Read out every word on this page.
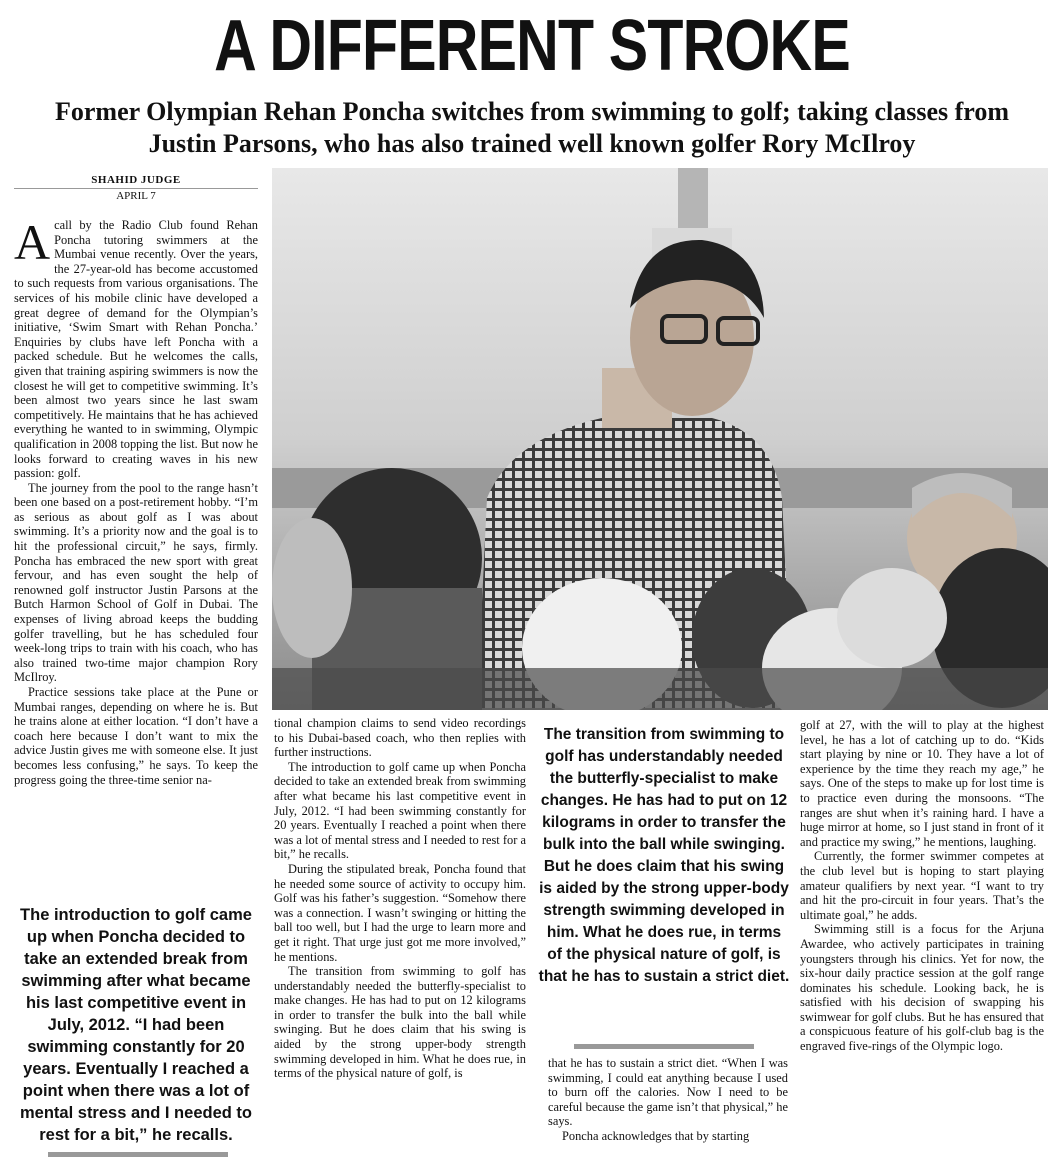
A DIFFERENT STROKE
Former Olympian Rehan Poncha switches from swimming to golf; taking classes from Justin Parsons, who has also trained well known golfer Rory McIlroy
SHAHID JUDGE
APRIL 7

Acall by the Radio Club found Rehan Poncha tutoring swimmers at the Mumbai venue recently. Over the years, the 27-year-old has become accustomed to such requests from various organisations. The services of his mobile clinic have developed a great degree of demand for the Olympian’s initiative, ‘Swim Smart with Rehan Poncha.’ Enquiries by clubs have left Poncha with a packed schedule. But he welcomes the calls, given that training aspiring swimmers is now the closest he will get to competitive swimming. It’s been almost two years since he last swam competitively. He maintains that he has achieved everything he wanted to in swimming, Olympic qualification in 2008 topping the list. But now he looks forward to creating waves in his new passion: golf.

The journey from the pool to the range hasn’t been one based on a post-retirement hobby. “I’m as serious as about golf as I was about swimming. It’s a priority now and the goal is to hit the professional circuit,” he says, firmly. Poncha has embraced the new sport with great fervour, and has even sought the help of renowned golf instructor Justin Parsons at the Butch Harmon School of Golf in Dubai. The expenses of living abroad keeps the budding golfer travelling, but he has scheduled four week-long trips to train with his coach, who has also trained two-time major champion Rory McIlroy.

Practice sessions take place at the Pune or Mumbai ranges, depending on where he is. But he trains alone at either location. “I don’t have a coach here because I don’t want to mix the advice Justin gives me with someone else. It just becomes less confusing,” he says. To keep the progress going the three-time senior na-

The introduction to golf came up when Poncha decided to take an extended break from swimming after what became his last competitive event in July, 2012. “I had been swimming constantly for 20 years. Eventually I reached a point when there was a lot of mental stress and I needed to rest for a bit,” he recalls.

tional champion claims to send video recordings to his Dubai-based coach, who then replies with further instructions.

The introduction to golf came up when Poncha decided to take an extended break from swimming after what became his last competitive event in July, 2012. “I had been swimming constantly for 20 years. Eventually I reached a point when there was a lot of mental stress and I needed to rest for a bit,” he recalls.

During the stipulated break, Poncha found that he needed some source of activity to occupy him. Golf was his father’s suggestion. “Somehow there was a connection. I wasn’t swinging or hitting the ball too well, but I had the urge to learn more and get it right. That urge just got me more involved,” he mentions.

The transition from swimming to golf has understandably needed the butterfly-specialist to make changes. He has had to put on 12 kilograms in order to transfer the bulk into the ball while swinging. But he does claim that his swing is aided by the strong upper-body strength swimming developed in him. What he does rue, in terms of the physical nature of golf, is

The transition from swimming to golf has understandably needed the butterfly-specialist to make changes. He has had to put on 12 kilograms in order to transfer the bulk into the ball while swinging. But he does claim that his swing is aided by the strong upper-body strength swimming developed in him. What he does rue, in terms of the physical nature of golf, is that he has to sustain a strict diet.

that he has to sustain a strict diet. “When I was swimming, I could eat anything because I used to burn off the calories. Now I need to be careful because the game isn’t that physical,” he says.

Poncha acknowledges that by starting

golf at 27, with the will to play at the highest level, he has a lot of catching up to do. “Kids start playing by nine or 10. They have a lot of experience by the time they reach my age,” he says. One of the steps to make up for lost time is to practice even during the monsoons. “The ranges are shut when it’s raining hard. I have a huge mirror at home, so I just stand in front of it and practice my swing,” he mentions, laughing.

Currently, the former swimmer competes at the club level but is hoping to start playing amateur qualifiers by next year. “I want to try and hit the pro-circuit in four years. That’s the ultimate goal,” he adds.

Swimming still is a focus for the Arjuna Awardee, who actively participates in training youngsters through his clinics. Yet for now, the six-hour daily practice session at the golf range dominates his schedule. Looking back, he is satisfied with his decision of swapping his swimwear for golf clubs. But he has ensured that a conspicuous feature of his golf-club bag is the engraved five-rings of the Olympic logo.
